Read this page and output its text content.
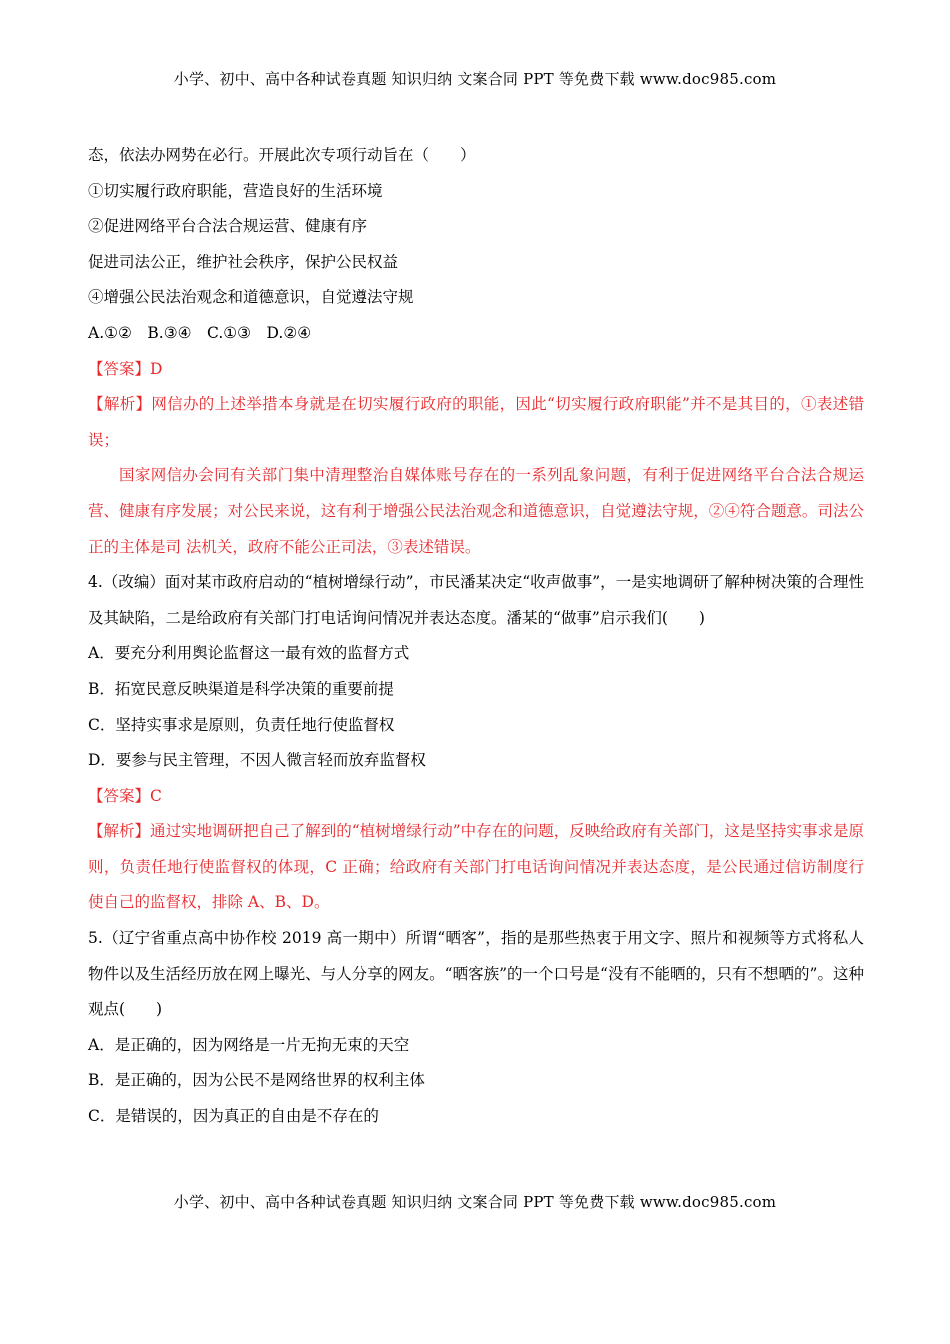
小学、初中、高中各种试卷真题 知识归纳 文案合同 PPT 等免费下载 www.doc985.com
态，依法办网势在必行。开展此次专项行动旨在（　　）
①切实履行政府职能，营造良好的生活环境
②促进网络平台合法合规运营、健康有序
促进司法公正，维护社会秩序，保护公民权益
④增强公民法治观念和道德意识，自觉遵法守规
A.①②　B.③④　C.①③　D.②④
【答案】D
【解析】网信办的上述举措本身就是在切实履行政府的职能，因此“切实履行政府职能”并不是其目的，①表述错误；
国家网信办会同有关部门集中清理整治自媒体账号存在的一系列乱象问题，有利于促进网络平台合法合规运营、健康有序发展；对公民来说，这有利于增强公民法治观念和道德意识，自觉遵法守规，②④符合题意。司法公正的主体是司 法机关，政府不能公正司法，③表述错误。
4.（改编）面对某市政府启动的“植树增绿行动”，市民潘某决定“收声做事”，一是实地调研了解种树决策的合理性及其缺陷，二是给政府有关部门打电话询问情况并表达态度。潘某的“做事”启示我们(　　)
A．要充分利用舆论监督这一最有效的监督方式
B．拓宽民意反映渠道是科学决策的重要前提
C．坚持实事求是原则，负责任地行使监督权
D．要参与民主管理，不因人微言轻而放弃监督权
【答案】C
【解析】通过实地调研把自己了解到的“植树增绿行动”中存在的问题，反映给政府有关部门，这是坚持实事求是原则，负责任地行使监督权的体现，C 正确；给政府有关部门打电话询问情况并表达态度，是公民通过信访制度行使自己的监督权，排除 A、B、D。
5.（辽宁省重点高中协作校 2019 高一期中）所谓“晒客”，指的是那些热衷于用文字、照片和视频等方式将私人物件以及生活经历放在网上曝光、与人分享的网友。“晒客族”的一个口号是“没有不能晒的，只有不想晒的”。这种观点(　　)
A．是正确的，因为网络是一片无拘无束的天空
B．是正确的，因为公民不是网络世界的权利主体
C．是错误的，因为真正的自由是不存在的
小学、初中、高中各种试卷真题 知识归纳 文案合同 PPT 等免费下载 www.doc985.com
